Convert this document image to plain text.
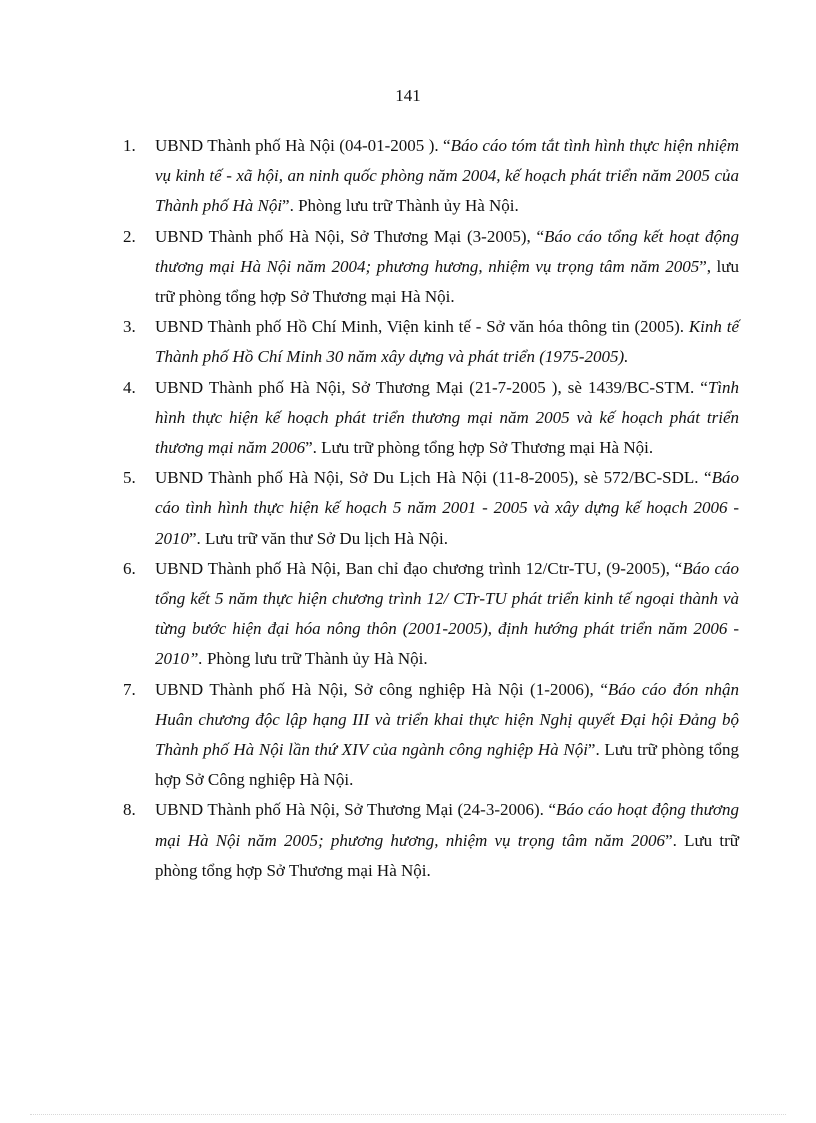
141
1. UBND Thành phố Hà Nội (04-01-2005 ). “Báo cáo tóm tắt tình hình thực hiện nhiệm vụ kinh tế - xã hội, an ninh quốc phòng năm 2004, kế hoạch phát triển năm 2005 của Thành phố Hà Nội”. Phòng lưu trữ Thành ủy Hà Nội.
2. UBND Thành phố Hà Nội, Sở Thương Mại (3-2005), “Báo cáo tổng kết hoạt động thương mại Hà Nội năm 2004; phương hương, nhiệm vụ trọng tâm năm 2005”, lưu trữ phòng tổng hợp Sở Thương mại Hà Nội.
3. UBND Thành phố Hồ Chí Minh, Viện kinh tế - Sở văn hóa thông tin (2005). Kinh tế Thành phố Hồ Chí Minh 30 năm xây dựng và phát triển (1975-2005).
4. UBND Thành phố Hà Nội, Sở Thương Mại (21-7-2005 ), sè 1439/BC-STM. “Tình hình thực hiện kế hoạch phát triển thương mại năm 2005 và kế hoạch phát triển thương mại năm 2006”. Lưu trữ phòng tổng hợp Sở Thương mại Hà Nội.
5. UBND Thành phố Hà Nội, Sở Du Lịch Hà Nội (11-8-2005), sè 572/BC-SDL. “Báo cáo tình hình thực hiện kế hoạch 5 năm 2001 - 2005 và xây dựng kế hoạch 2006 - 2010”. Lưu trữ văn thư Sở Du lịch Hà Nội.
6. UBND Thành phố Hà Nội, Ban chỉ đạo chương trình 12/Ctr-TU, (9-2005), “Báo cáo tổng kết 5 năm thực hiện chương trình 12/ CTr-TU phát triển kinh tế ngoại thành và từng bước hiện đại hóa nông thôn (2001-2005), định hướng phát triển năm 2006 - 2010”. Phòng lưu trữ Thành ủy Hà Nội.
7. UBND Thành phố Hà Nội, Sở công nghiệp Hà Nội (1-2006), “Báo cáo đón nhận Huân chương độc lập hạng III và triển khai thực hiện Nghị quyết Đại hội Đảng bộ Thành phố Hà Nội lần thứ XIV của ngành công nghiệp Hà Nội”. Lưu trữ phòng tổng hợp Sở Công nghiệp Hà Nội.
8. UBND Thành phố Hà Nội, Sở Thương Mại (24-3-2006). “Báo cáo hoạt động thương mại Hà Nội năm 2005; phương hương, nhiệm vụ trọng tâm năm 2006”. Lưu trữ phòng tổng hợp Sở Thương mại Hà Nội.
